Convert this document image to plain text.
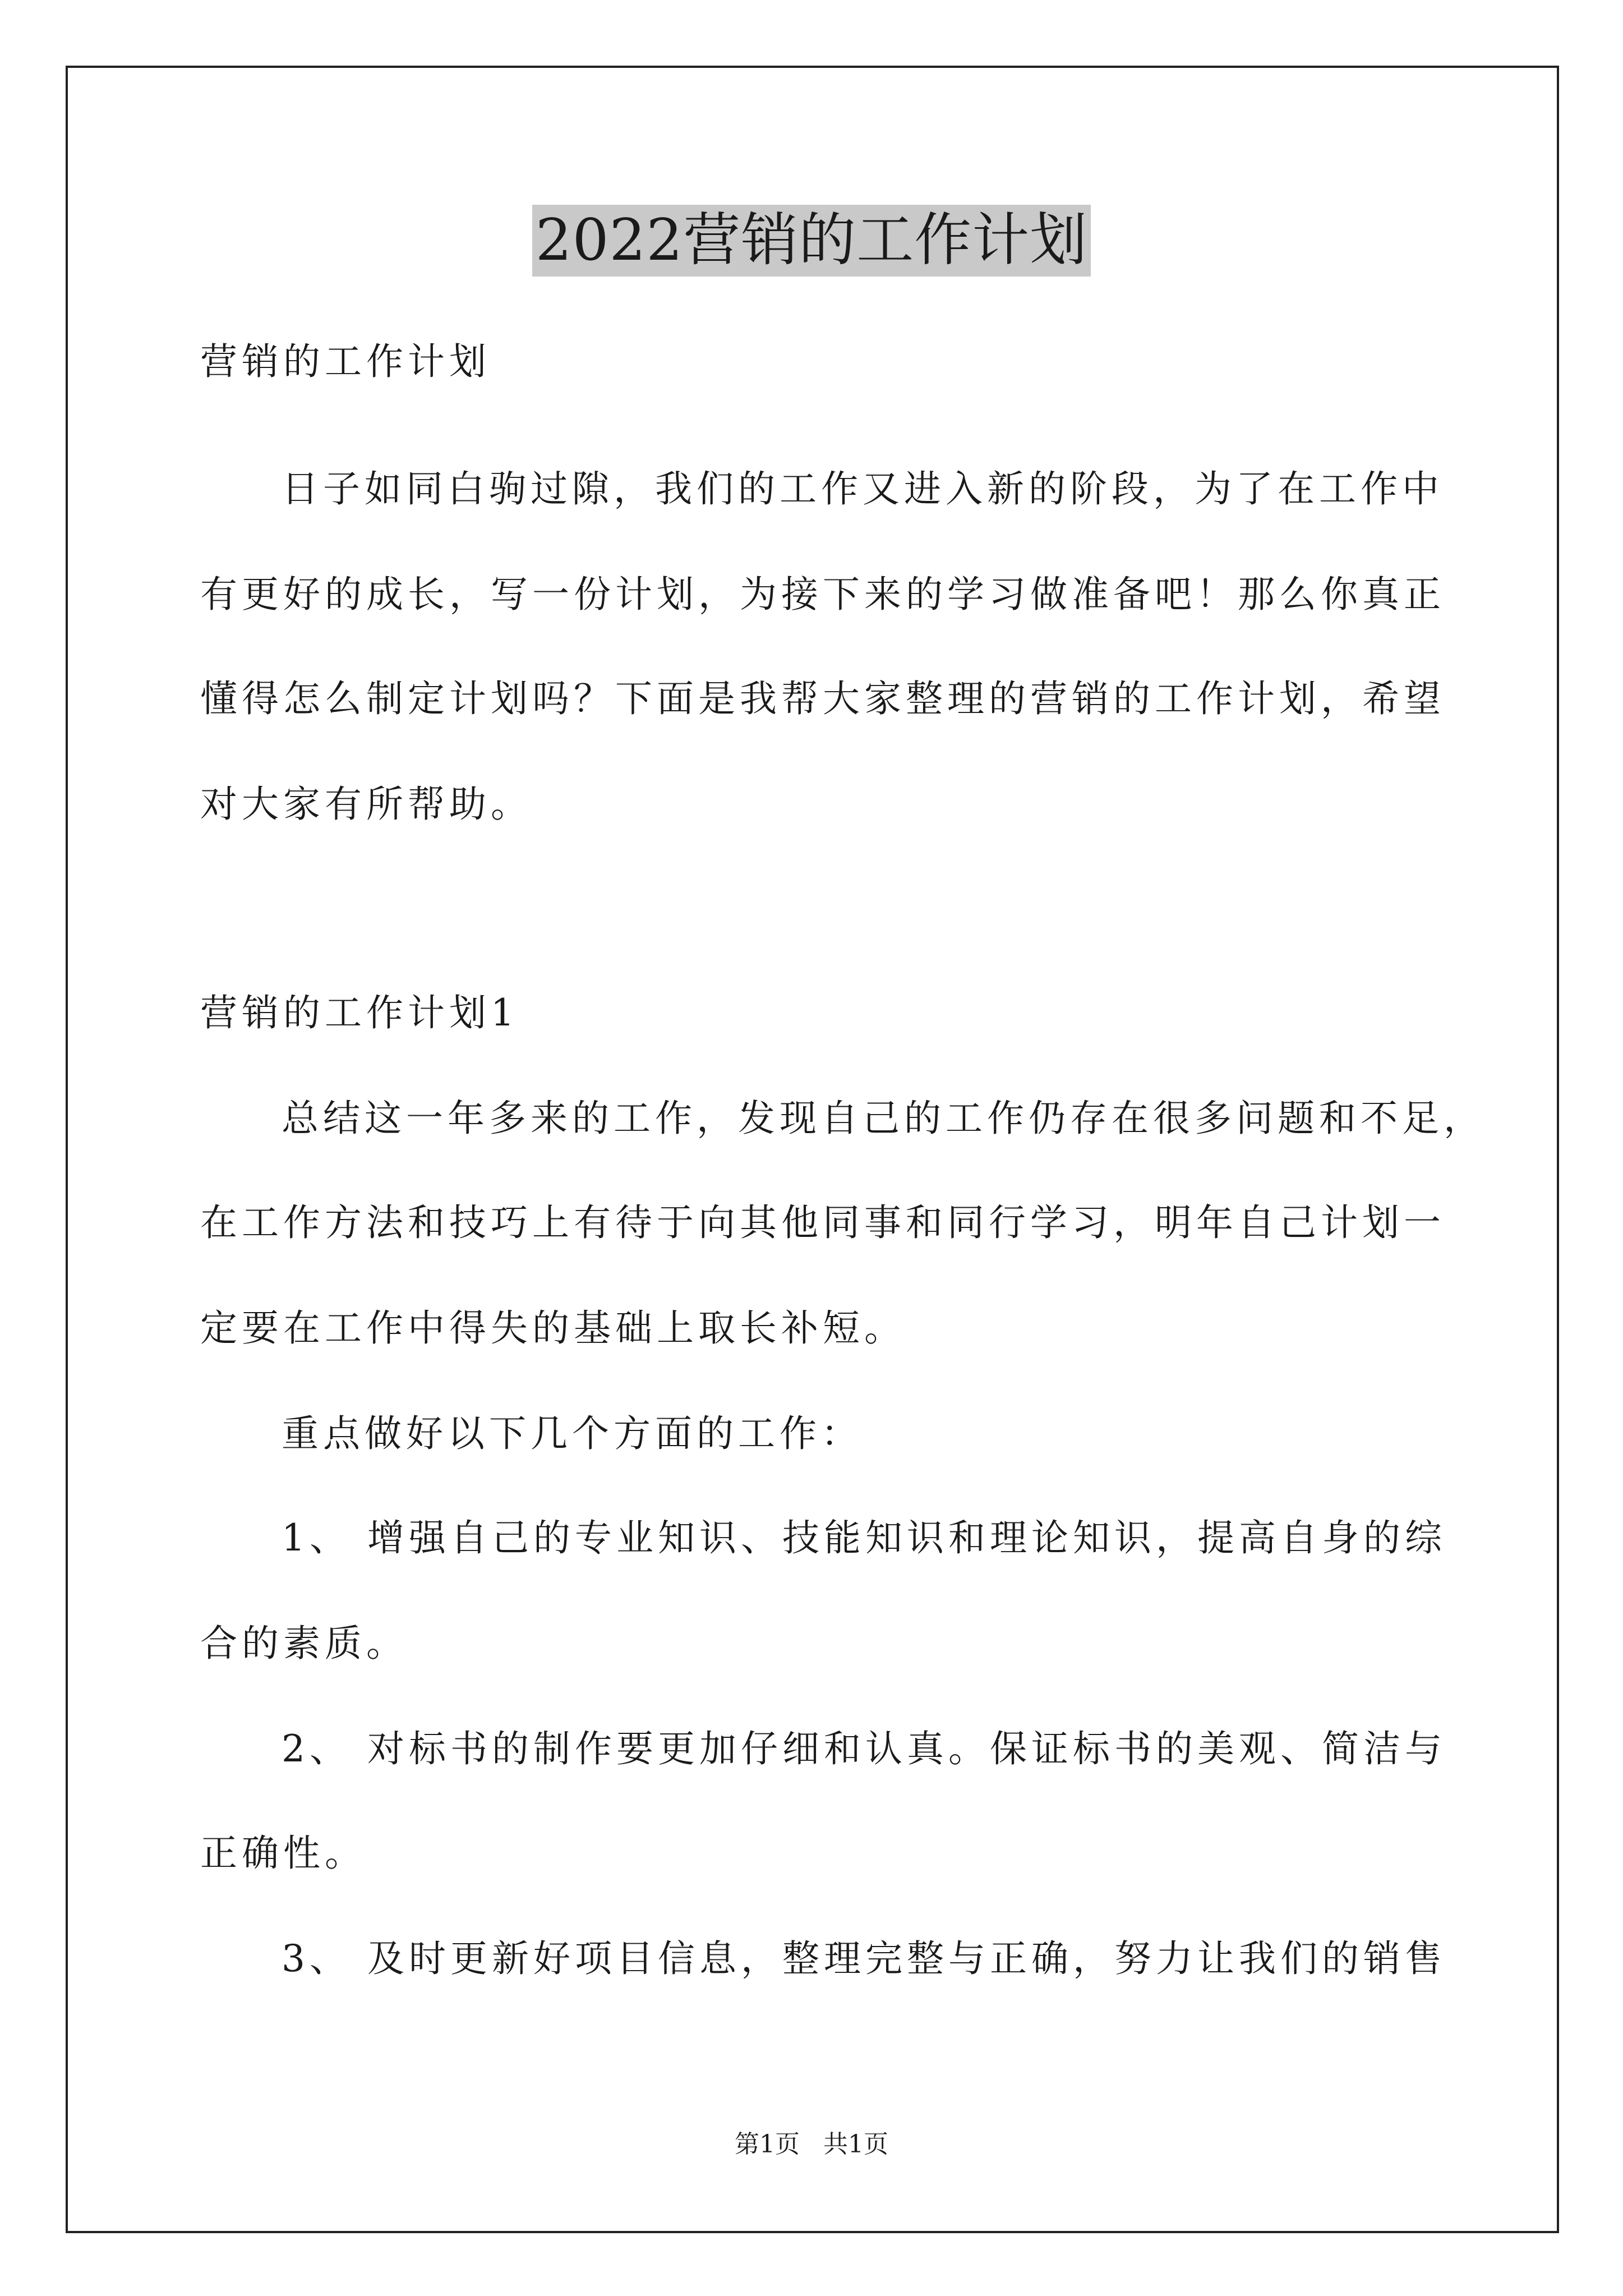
2022营销的工作计划
营销的工作计划
日子如同白驹过隙，我们的工作又进入新的阶段，为了在工作中
有更好的成长，写一份计划，为接下来的学习做准备吧！那么你真正
懂得怎么制定计划吗？下面是我帮大家整理的营销的工作计划，希望
对大家有所帮助。
营销的工作计划1
总结这一年多来的工作，发现自己的工作仍存在很多问题和不足，
在工作方法和技巧上有待于向其他同事和同行学习，明年自己计划一
定要在工作中得失的基础上取长补短。
重点做好以下几个方面的工作：
1、 增强自己的专业知识、技能知识和理论知识，提高自身的综
合的素质。
2、 对标书的制作要更加仔细和认真。保证标书的美观、简洁与
正确性。
3、 及时更新好项目信息，整理完整与正确，努力让我们的销售
第1页 共1页
